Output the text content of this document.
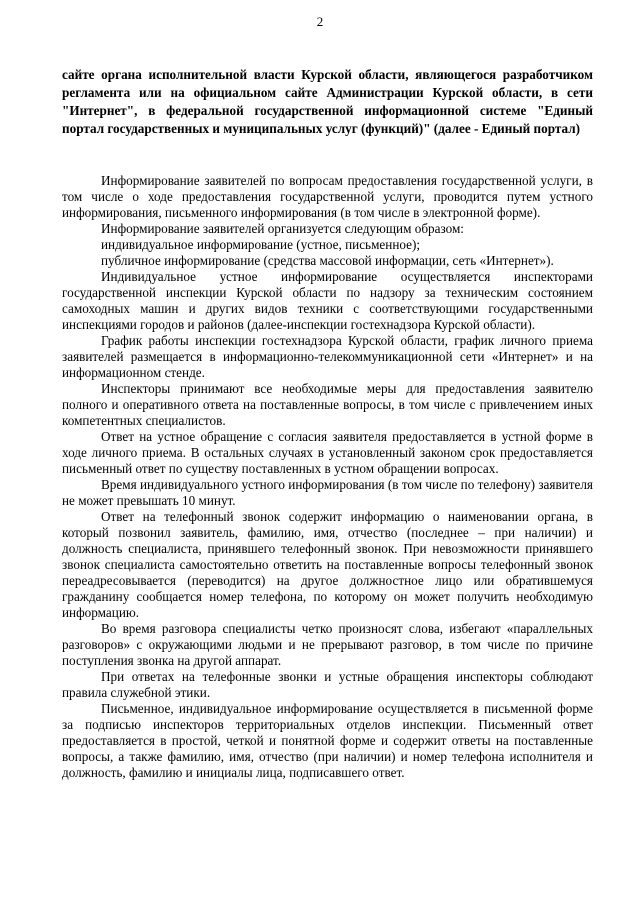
2
сайте органа исполнительной власти Курской области, являющегося разработчиком регламента или на официальном сайте Администрации Курской области, в сети "Интернет", в федеральной государственной информационной системе "Единый портал государственных и муниципальных услуг (функций)" (далее - Единый портал)

Информирование заявителей по вопросам предоставления государственной услуги, в том числе о ходе предоставления государственной услуги, проводится путем устного информирования, письменного информирования (в том числе в электронной форме).

Информирование заявителей организуется следующим образом:

индивидуальное информирование (устное, письменное);

публичное информирование (средства массовой информации, сеть «Интернет»).

Индивидуальное устное информирование осуществляется инспекторами государственной инспекции Курской области по надзору за техническим состоянием самоходных машин и других видов техники с соответствующими государственными инспекциями городов и районов (далее-инспекции гостехнадзора Курской области).

График работы инспекции гостехнадзора Курской области, график личного приема заявителей размещается в информационно-телекоммуникационной сети «Интернет» и на информационном стенде.

Инспекторы принимают все необходимые меры для предоставления заявителю полного и оперативного ответа на поставленные вопросы, в том числе с привлечением иных компетентных специалистов.

Ответ на устное обращение с согласия заявителя предоставляется в устной форме в ходе личного приема. В остальных случаях в установленный законом срок предоставляется письменный ответ по существу поставленных в устном обращении вопросах.

Время индивидуального устного информирования (в том числе по телефону) заявителя не может превышать 10 минут.

Ответ на телефонный звонок содержит информацию о наименовании органа, в который позвонил заявитель, фамилию, имя, отчество (последнее – при наличии) и должность специалиста, принявшего телефонный звонок. При невозможности принявшего звонок специалиста самостоятельно ответить на поставленные вопросы телефонный звонок переадресовывается (переводится) на другое должностное лицо или обратившемуся гражданину сообщается номер телефона, по которому он может получить необходимую информацию.

Во время разговора специалисты четко произносят слова, избегают «параллельных разговоров» с окружающими людьми и не прерывают разговор, в том числе по причине поступления звонка на другой аппарат.

При ответах на телефонные звонки и устные обращения инспекторы соблюдают правила служебной этики.

Письменное, индивидуальное информирование осуществляется в письменной форме за подписью инспекторов территориальных отделов инспекции. Письменный ответ предоставляется в простой, четкой и понятной форме и содержит ответы на поставленные вопросы, а также фамилию, имя, отчество (при наличии) и номер телефона исполнителя и должность, фамилию и инициалы лица, подписавшего ответ.
